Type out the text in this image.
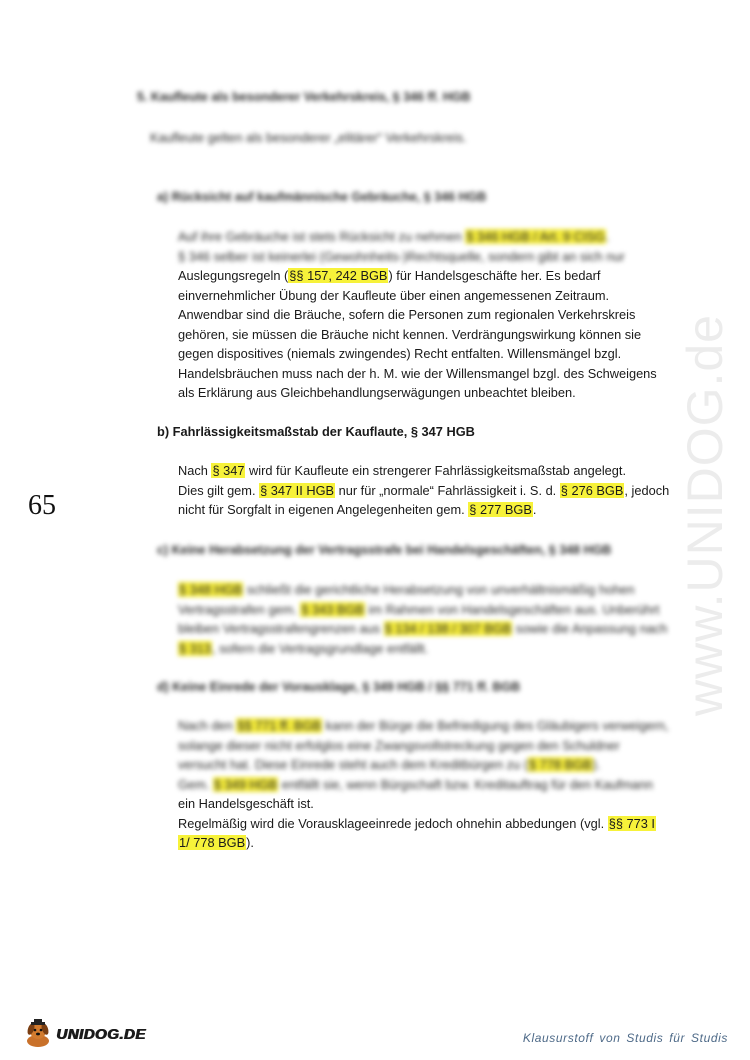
www.UNIDOG.de
65
5. Kaufleute als besonderer Verkehrskreis, § 346 ff. HGB
Kaufleute gelten als besonderer „elitärer“ Verkehrskreis.
a) Rücksicht auf kaufmännische Gebräuche, § 346 HGB
Auf ihre Gebräuche ist stets Rücksicht zu nehmen § 346 HGB / Art. 9 CISG.
§ 346 selber ist keinerlei (Gewohnheits-)Rechtsquelle, sondern gibt an sich nur
Auslegungsregeln (§§ 157, 242 BGB) für Handelsgeschäfte her. Es bedarf
einvernehmlicher Übung der Kaufleute über einen angemessenen Zeitraum.
Anwendbar sind die Bräuche, sofern die Personen zum regionalen Verkehrskreis
gehören, sie müssen die Bräuche nicht kennen. Verdrängungswirkung können sie
gegen dispositives (niemals zwingendes) Recht entfalten. Willensmängel bzgl.
Handelsbräuchen muss nach der h. M. wie der Willensmangel bzgl. des Schweigens
als Erklärung aus Gleichbehandlungserwägungen unbeachtet bleiben.
b) Fahrlässigkeitsmaßstab der Kauflaute, § 347 HGB
Nach § 347 wird für Kaufleute ein strengerer Fahrlässigkeitsmaßstab angelegt.
Dies gilt gem. § 347 II HGB nur für „normale“ Fahrlässigkeit i. S. d. § 276 BGB, jedoch
nicht für Sorgfalt in eigenen Angelegenheiten gem. § 277 BGB.
c) Keine Herabsetzung der Vertragsstrafe bei Handelsgeschäften, § 348 HGB
§ 348 HGB schließt die gerichtliche Herabsetzung von unverhältnismäßig hohen
Vertragsstrafen gem. § 343 BGB im Rahmen von Handelsgeschäften aus. Unberührt
bleiben Vertragsstrafengrenzen aus § 134 / 138 / 307 BGB sowie die Anpassung nach
§ 313, sofern die Vertragsgrundlage entfällt.
d) Keine Einrede der Vorausklage, § 349 HGB / §§ 771 ff. BGB
Nach den §§ 771 ff. BGB kann der Bürge die Befriedigung des Gläubigers verweigern,
solange dieser nicht erfolglos eine Zwangsvollstreckung gegen den Schuldner
versucht hat. Diese Einrede steht auch dem Kreditbürgen zu (§ 778 BGB).
Gem. § 349 HGB entfällt sie, wenn Bürgschaft bzw. Kreditauftrag für den Kaufmann
ein Handelsgeschäft ist.
Regelmäßig wird die Vorausklageeinrede jedoch ohnehin abbedungen (vgl. §§ 773 I
1/ 778 BGB).
UNIDOG.DE	Klausurstoff von Studis für Studis
